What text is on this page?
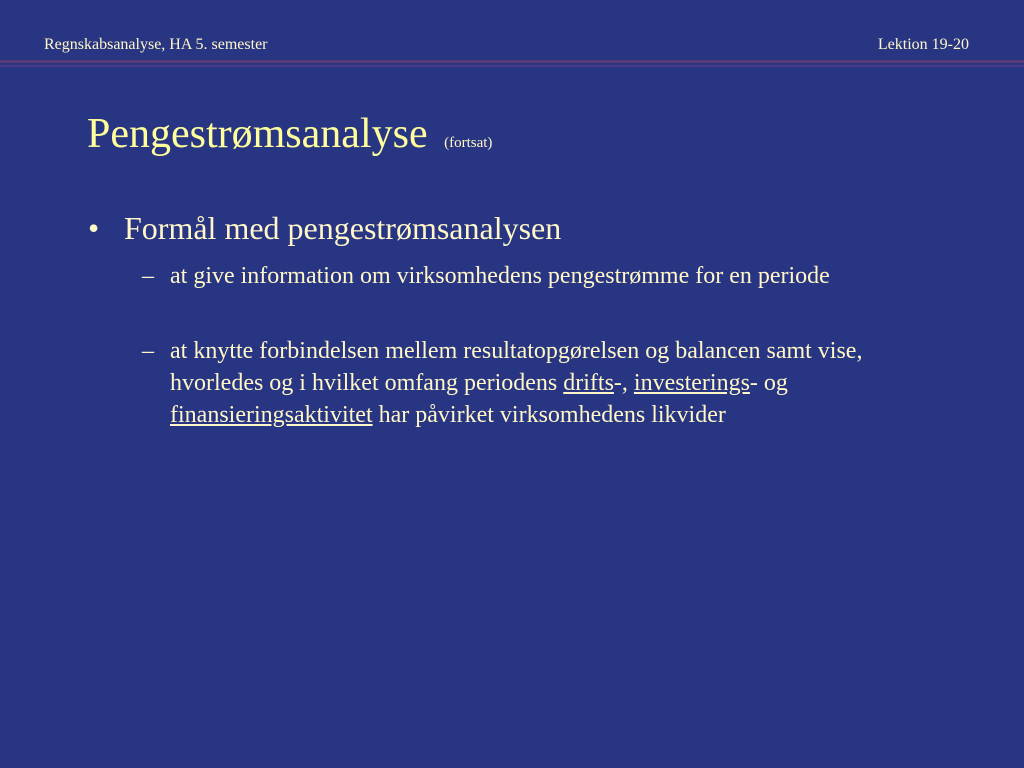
Regnskabsanalyse, HA 5. semester	Lektion 19-20
Pengestrømsanalyse (fortsat)
• Formål med pengestrømsanalysen
– at give information om virksomhedens pengestrømme for en periode
– at knytte forbindelsen mellem resultatopgørelsen og balancen samt vise, hvorledes og i hvilket omfang periodens drifts-, investerings- og finansieringsaktivitet har påvirket virksomhedens likvider
